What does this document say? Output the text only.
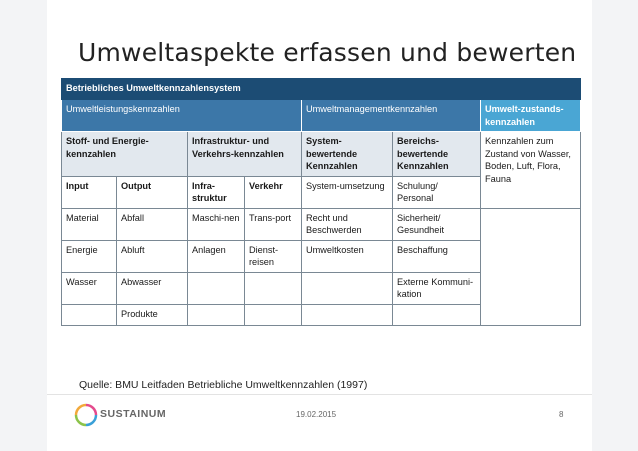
Umweltaspekte erfassen und bewerten
Betriebliches Umweltkennzahlensystem						
Umweltleistungskennzahlen				Umweltmanagementkennzahlen		Umwelt-zustands-kennzahlen
Stoff- und Energie-kennzahlen		Infrastruktur- und Verkehrs-kennzahlen		System-bewertende Kennzahlen	Bereichs-bewertende Kennzahlen	Kennzahlen zum Zustand von Wasser, Boden, Luft, Flora, Fauna
Input	Output	Infra-struktur	Verkehr	System-umsetzung	Schulung/ Personal	
Material	Abfall	Maschi-nen	Trans-port	Recht und Beschwerden	Sicherheit/ Gesundheit	
Energie	Abluft	Anlagen	Dienst-reisen	Umweltkosten	Beschaffung	
Wasser	Abwasser				Externe Kommuni-kation	
	Produkte					
Quelle: BMU Leitfaden Betriebliche Umweltkennzahlen (1997)
SUSTAINUM	19.02.2015	8
